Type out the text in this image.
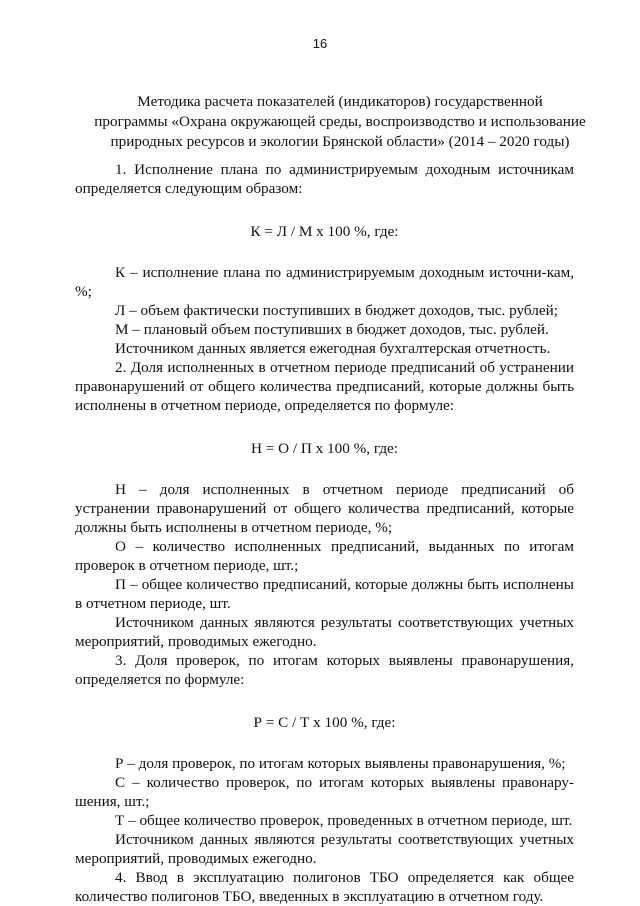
16
Методика расчета показателей (индикаторов) государственной
программы «Охрана окружающей среды, воспроизводство и использование
природных ресурсов и экологии Брянской области» (2014 – 2020 годы)

1. Исполнение плана по администрируемым доходным источникам определяется следующим образом:

К = Л / М х 100 %, где:

К – исполнение плана по администрируемым доходным источни-кам, %;

Л – объем фактически поступивших в бюджет доходов, тыс. рублей;

М – плановый объем поступивших в бюджет доходов, тыс. рублей.

Источником данных является ежегодная бухгалтерская отчетность.

2. Доля исполненных в отчетном периоде предписаний об устранении правонарушений от общего количества предписаний, которые должны быть исполнены в отчетном периоде, определяется по формуле:

Н = О / П х 100 %, где:

Н – доля исполненных в отчетном периоде предписаний об устранении правонарушений от общего количества предписаний, которые должны быть исполнены в отчетном периоде, %;

О – количество исполненных предписаний, выданных по итогам проверок в отчетном периоде, шт.;

П – общее количество предписаний, которые должны быть исполнены в отчетном периоде, шт.

Источником данных являются результаты соответствующих учетных мероприятий, проводимых ежегодно.

3. Доля проверок, по итогам которых выявлены правонарушения, определяется по формуле:

Р = С / Т х 100 %, где:

Р – доля проверок, по итогам которых выявлены правонарушения, %;

С – количество проверок, по итогам которых выявлены правонару-шения, шт.;

Т – общее количество проверок, проведенных в отчетном периоде, шт.

Источником данных являются результаты соответствующих учетных мероприятий, проводимых ежегодно.

4. Ввод в эксплуатацию полигонов ТБО определяется как общее количество полигонов ТБО, введенных в эксплуатацию в отчетном году.
